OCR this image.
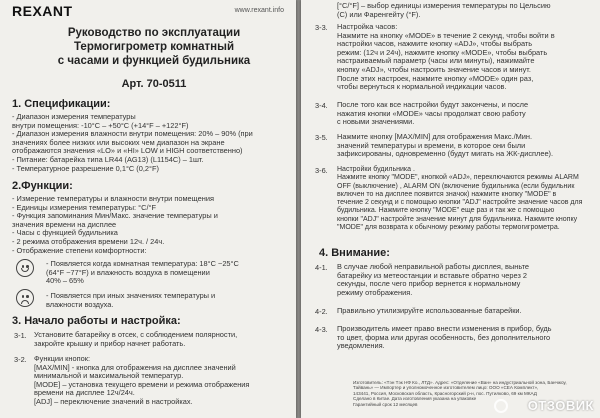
REXANT	www.rexant.info
Руководство по эксплуатации
Термогигрометр комнатный
с часами и функцией будильника
Арт. 70-0511
1. Спецификации:
- Диапазон измерения температуры
внутри помещения: -10°C – +50°C (+14°F – +122°F)
- Диапазон измерения влажности внутри помещения: 20% – 90% (при
значениях более низких или высоких чем диапазон на экране
отображаются значения «LO» и «HI» LOW и HIGH соответственно)
- Питание: батарейка типа LR44 (AG13) (L1154C) – 1шт.
- Температурное разрешение 0,1°C (0,2°F)
2.Функции:
- Измерение температуры и влажности внутри помещения
- Единицы измерения температуры: °C/°F
- Функция запоминания Мин/Макс. значение температуры и
значения времени на дисплее
- Часы с функцией будильника
- 2 режима отображения времени 12ч. / 24ч.
- Отображение степени комфортности:
- Появляется когда комнатная температура: 18°C ~25°C
(64°F ~77°F) и влажность воздуха в помещении
40% – 65%
- Появляется при иных значениях температуры и
влажности воздуха.
3. Начало работы и настройка:
3-1. Установите батарейку в отсек, с соблюдением полярности,
закройте крышку и прибор начнет работать.
3-2. Функции кнопок:
[MAX/MIN] - кнопка для отображения на дисплее значений
минимальной и максимальной температур.
[MODE] – установка текущего времени и режима отображения
времени на дисплее 12ч/24ч.
[ADJ] – переключение значений в настройках.
[°C/°F] – выбор единицы измерения температуры по Цельсию
(C) или Фаренгейту (°F).
3-3. Настройка часов:
Нажмите на кнопку «MODE» в течение 2 секунд, чтобы войти в
настройки часов, нажмите кнопку «ADJ», чтобы выбрать
режим: (12ч и 24ч), нажмите кнопку «MODE», чтобы выбрать
настраиваемый параметр (часы или минуты), нажимайте
кнопку «ADJ», чтобы настроить значение часов и минут.
После этих настроек, нажмите кнопку «MODE» один раз,
чтобы вернуться к нормальной индикации часов.
3-4. После того как все настройки будут закончены, и после
нажатия кнопки «MODE» часы продолжат свою работу
с новыми значениями.
3-5. Нажмите кнопку [MAX/MIN] для отображения Макс./Мин.
значений температуры и времени, в которое они были
зафиксированы, одновременно (будут мигать на ЖК-дисплее).
3-6. Настройки будильника .
Нажмите кнопку "MODE", кнопкой «ADJ», переключаются режимы ALARM
OFF (выключение) , ALARM ON (включение будильника (если будильник
включен то на дисплее появится значок) нажмите кнопку "MODE" в
течение 2 секунд и с помощью кнопки "ADJ" настройте значение часов для
будильника. Нажмите кнопку "MODE" еще раз и так же с помощью
кнопки "ADJ" настройте значение минут для будильника. Нажмите кнопку
"MODE" для возврата к обычному режиму работы термогигрометра.
4. Внимание:
4-1. В случае любой неправильной работы дисплея, выньте
батарейку из метеостанции и вставьте обратно через 2
секунды, после чего прибор вернется к нормальному
режиму отображения.
4-2. Правильно утилизируйте использованные батарейки.
4-3. Производитель имеет право внести изменения в прибор, будь
то цвет, форма или другая особенность, без дополнительного
уведомления.
Изготовитель: «Тэн Тэк НФ Ко., ЛТД». Адрес: «Отделение «Ван» на индустриальной зона, Банчжоу,
Тайвань» — Импортер и уполномоченное изготовителем лицо: ООО «СЕА Комплект»,
143441, Россия, Московская область, Красногорский р-н, пос. Путилково, 69 км МКАД
Сделано в Китае. Дата изготовления указана на упаковке
Гарантийный срок 12 месяцев	ОТЗОВИК
